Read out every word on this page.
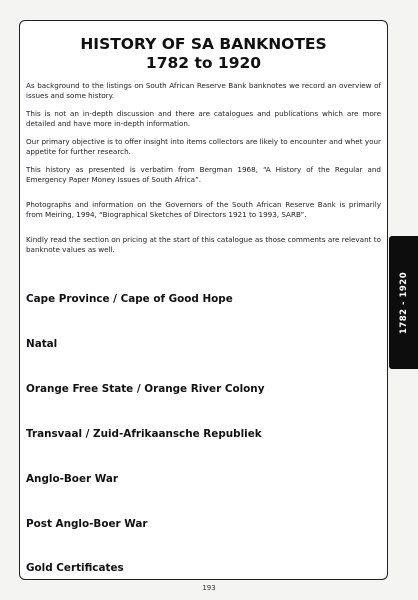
HISTORY OF SA BANKNOTES
1782 to 1920

As background to the listings on South African Reserve Bank banknotes we record an overview of issues and some history.

This is not an in-depth discussion and there are catalogues and publications which are more detailed and have more in-depth information.

Our primary objective is to offer insight into items collectors are likely to encounter and whet your appetite for further research.

This history as presented is verbatim from Bergman 1968, “A History of the Regular and Emergency Paper Money Issues of South Africa”.

Photographs and information on the Governors of the South African Reserve Bank is primarily from Meiring, 1994, “Biographical Sketches of Directors 1921 to 1993, SARB”.

Kindly read the section on pricing at the start of this catalogue as those comments are relevant to banknote values as well.

Cape Province / Cape of Good Hope
Natal
Orange Free State / Orange River Colony
Transvaal / Zuid-Afrikaansche Republiek
Anglo-Boer War
Post Anglo-Boer War
Gold Certificates
1782 - 1920
193
